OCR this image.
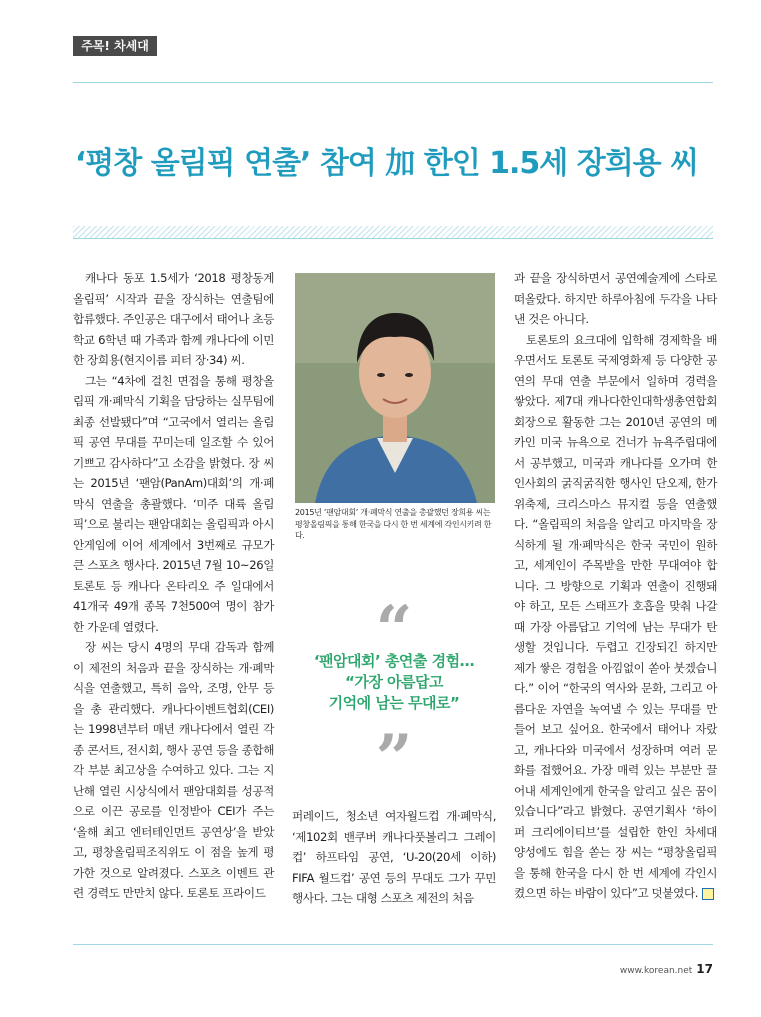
주목! 차세대
‘평창 올림픽 연출’ 참여 加 한인 1.5세 장희용 씨

캐나다 동포 1.5세가 ‘2018 평창동계올림픽’ 시작과 끝을 장식하는 연출팀에 합류했다. 주인공은 대구에서 태어나 초등학교 6학년 때 가족과 함께 캐나다에 이민한 장희용(현지이름 피터 장·34) 씨.

그는 “4차에 걸친 면접을 통해 평창올림픽 개·폐막식 기획을 담당하는 실무팀에 최종 선발됐다”며 “고국에서 열리는 올림픽 공연 무대를 꾸미는데 일조할 수 있어 기쁘고 감사하다”고 소감을 밝혔다. 장 씨는 2015년 ‘팬암(PanAm)대회’의 개·폐막식 연출을 총괄했다. ‘미주 대륙 올림픽’으로 불리는 팬암대회는 올림픽과 아시안게임에 이어 세계에서 3번째로 규모가 큰 스포츠 행사다. 2015년 7월 10~26일 토론토 등 캐나다 온타리오 주 일대에서 41개국 49개 종목 7천500여 명이 참가한 가운데 열렸다.

장 씨는 당시 4명의 무대 감독과 함께 이 제전의 처음과 끝을 장식하는 개·폐막식을 연출했고, 특히 음악, 조명, 안무 등을 총 관리했다. 캐나다이벤트협회(CEI)는 1998년부터 매년 캐나다에서 열린 각종 콘서트, 전시회, 행사 공연 등을 종합해 각 부분 최고상을 수여하고 있다. 그는 지난해 열린 시상식에서 팬암대회를 성공적으로 이끈 공로를 인정받아 CEI가 주는 ‘올해 최고 엔터테인먼트 공연상’을 받았고, 평창올림픽조직위도 이 점을 높게 평가한 것으로 알려졌다. 스포츠 이벤트 관련 경력도 만만치 않다. 토론토 프라이드

2015년 ‘팬암대회’ 개·폐막식 연출을 총괄했던 장희용 씨는 평창올림픽을 통해 한국을 다시 한 번 세계에 각인시키려 한다.

“
‘팬암대회’ 총연출 경험…
“가장 아름답고
기억에 남는 무대로”
”

퍼레이드, 청소년 여자월드컵 개·폐막식, ‘제102회 밴쿠버 캐나다풋볼리그 그레이컵’ 하프타임 공연, ‘U-20(20세 이하) FIFA 월드컵’ 공연 등의 무대도 그가 꾸민 행사다. 그는 대형 스포츠 제전의 처음

과 끝을 장식하면서 공연예술계에 스타로 떠올랐다. 하지만 하루아침에 두각을 나타낸 것은 아니다.

토론토의 요크대에 입학해 경제학을 배우면서도 토론토 국제영화제 등 다양한 공연의 무대 연출 부문에서 일하며 경력을 쌓았다. 제7대 캐나다한인대학생총연합회 회장으로 활동한 그는 2010년 공연의 메카인 미국 뉴욕으로 건너가 뉴욕주립대에서 공부했고, 미국과 캐나다를 오가며 한인사회의 굵직굵직한 행사인 단오제, 한가위축제, 크리스마스 뮤지컬 등을 연출했다. “올림픽의 처음을 알리고 마지막을 장식하게 될 개·폐막식은 한국 국민이 원하고, 세계인이 주목받을 만한 무대여야 합니다. 그 방향으로 기획과 연출이 진행돼야 하고, 모든 스태프가 호흡을 맞춰 나갈 때 가장 아름답고 기억에 남는 무대가 탄생할 것입니다. 두렵고 긴장되긴 하지만 제가 쌓은 경험을 아낌없이 쏟아 붓겠습니다.” 이어 “한국의 역사와 문화, 그리고 아름다운 자연을 녹여낼 수 있는 무대를 만들어 보고 싶어요. 한국에서 태어나 자랐고, 캐나다와 미국에서 성장하며 여러 문화를 접했어요. 가장 매력 있는 부분만 끌어내 세계인에게 한국을 알리고 싶은 꿈이 있습니다”라고 밝혔다. 공연기획사 ‘하이퍼 크리에이티브’를 설립한 한인 차세대 양성에도 힘을 쏟는 장 씨는 “평창올림픽을 통해 한국을 다시 한 번 세계에 각인시켰으면 하는 바람이 있다”고 덧붙였다.

www.korean.net 17
